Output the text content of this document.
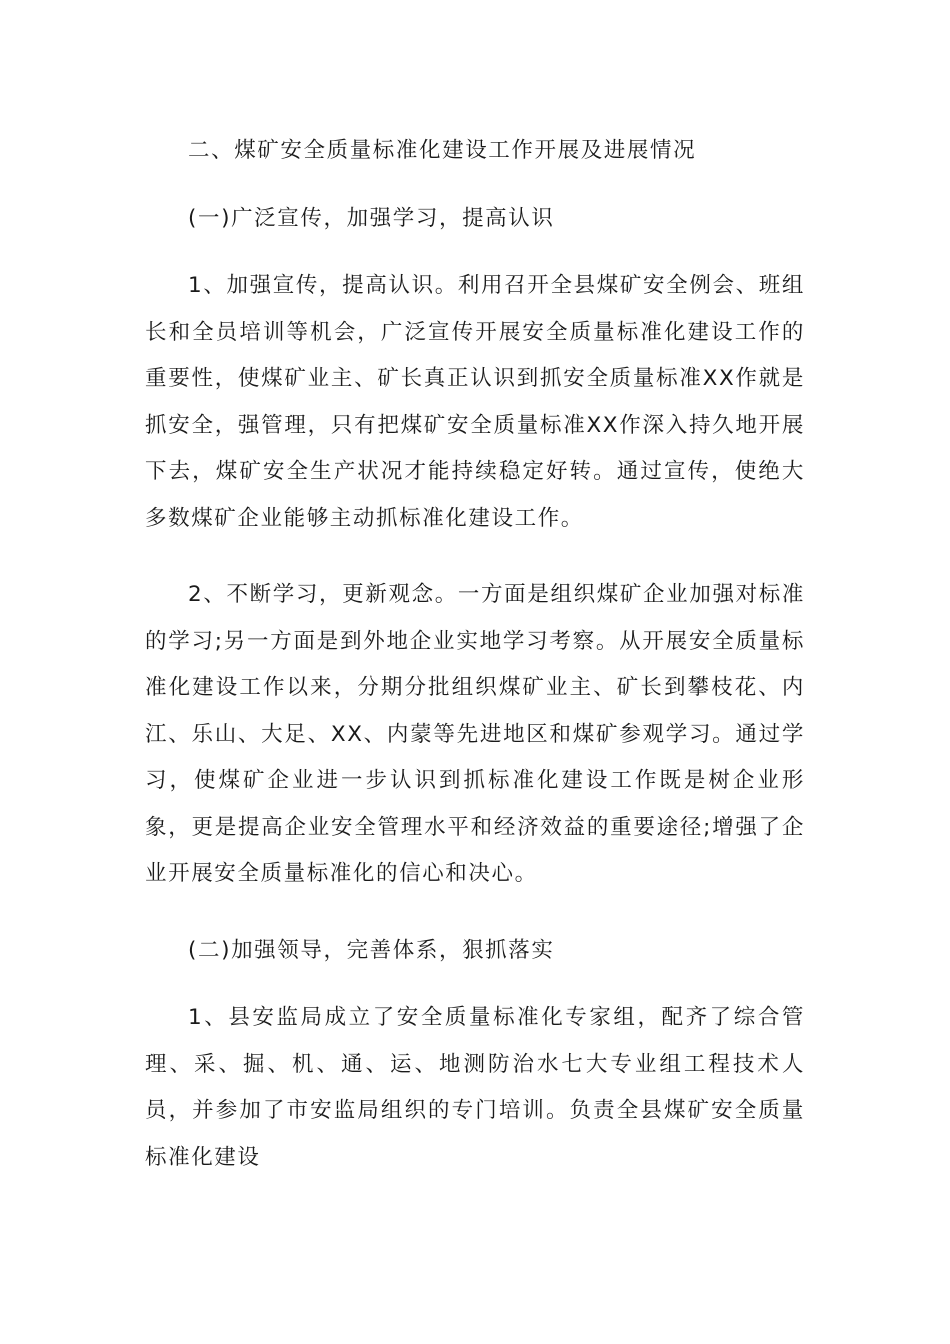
二、煤矿安全质量标准化建设工作开展及进展情况

(一)广泛宣传，加强学习，提高认识

1、加强宣传，提高认识。利用召开全县煤矿安全例会、班组长和全员培训等机会，广泛宣传开展安全质量标准化建设工作的重要性，使煤矿业主、矿长真正认识到抓安全质量标准XX作就是抓安全，强管理，只有把煤矿安全质量标准XX作深入持久地开展下去，煤矿安全生产状况才能持续稳定好转。通过宣传，使绝大多数煤矿企业能够主动抓标准化建设工作。

2、不断学习，更新观念。一方面是组织煤矿企业加强对标准的学习;另一方面是到外地企业实地学习考察。从开展安全质量标准化建设工作以来，分期分批组织煤矿业主、矿长到攀枝花、内江、乐山、大足、XX、内蒙等先进地区和煤矿参观学习。通过学习，使煤矿企业进一步认识到抓标准化建设工作既是树企业形象，更是提高企业安全管理水平和经济效益的重要途径;增强了企业开展安全质量标准化的信心和决心。

(二)加强领导，完善体系，狠抓落实

1、县安监局成立了安全质量标准化专家组，配齐了综合管理、采、掘、机、通、运、地测防治水七大专业组工程技术人员，并参加了市安监局组织的专门培训。负责全县煤矿安全质量标准化建设
